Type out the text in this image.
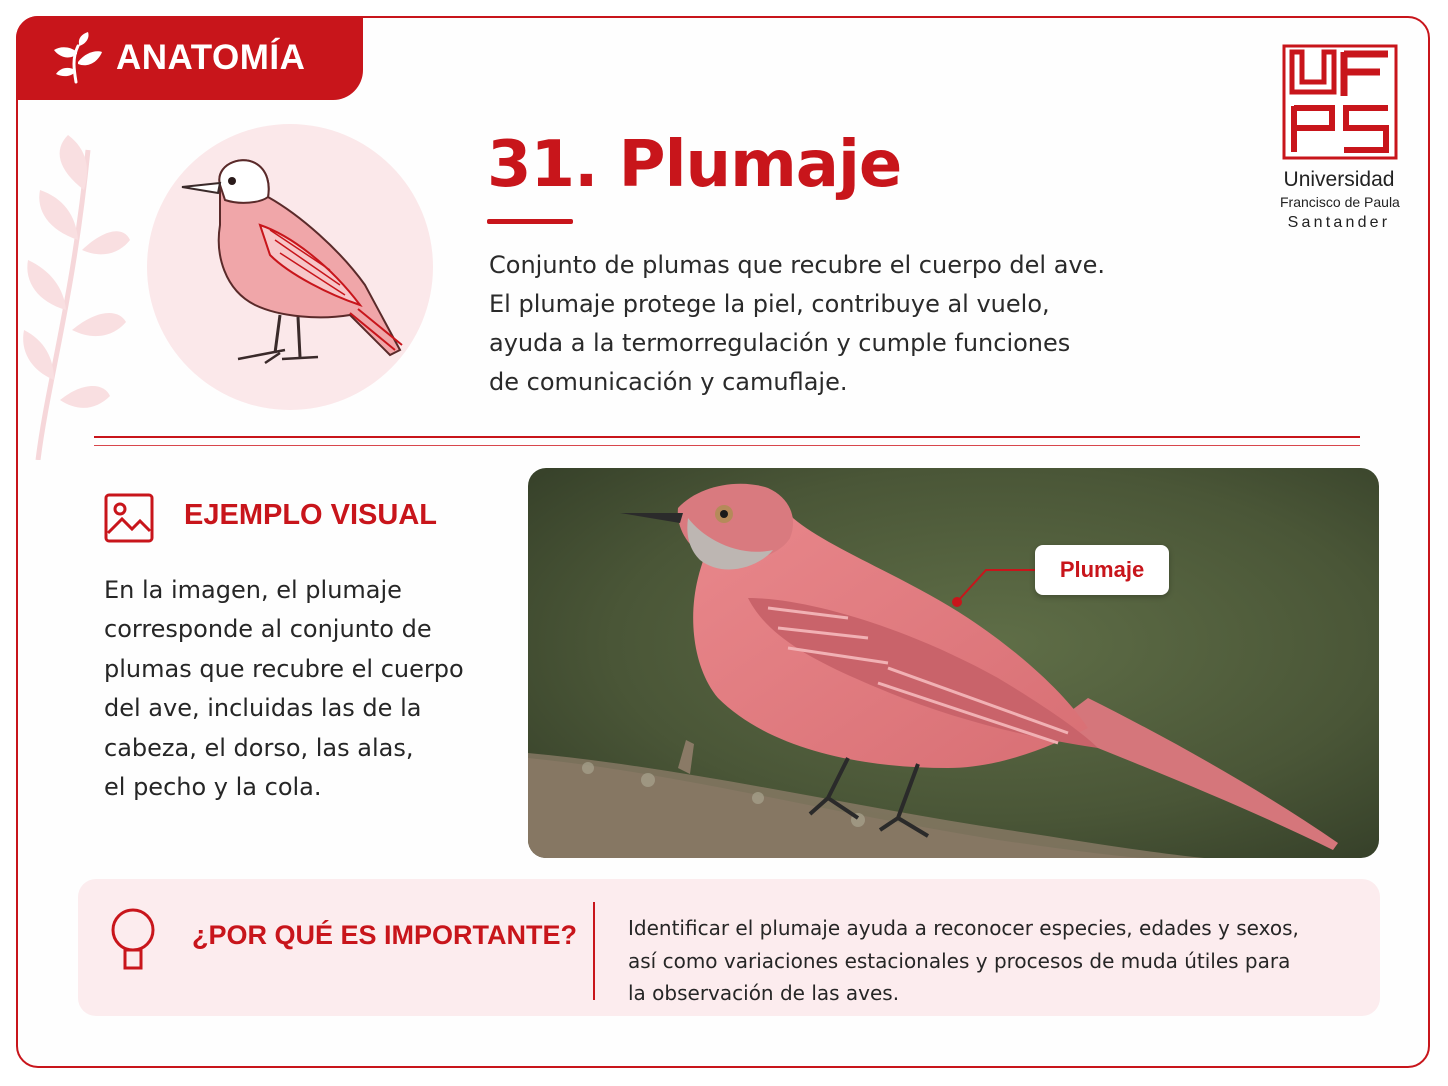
ANATOMÍA
31. Plumaje

Conjunto de plumas que recubre el cuerpo del ave.
El plumaje protege la piel, contribuye al vuelo,
ayuda a la termorregulación y cumple funciones
de comunicación y camuflaje.

Universidad
Francisco de Paula
Santander
EJEMPLO VISUAL
En la imagen, el plumaje
corresponde al conjunto de
plumas que recubre el cuerpo
del ave, incluidas las de la
cabeza, el dorso, las alas,
el pecho y la cola.
Plumaje
¿POR QUÉ ES IMPORTANTE?	Identificar el plumaje ayuda a reconocer especies, edades y sexos,
así como variaciones estacionales y procesos de muda útiles para
la observación de las aves.
